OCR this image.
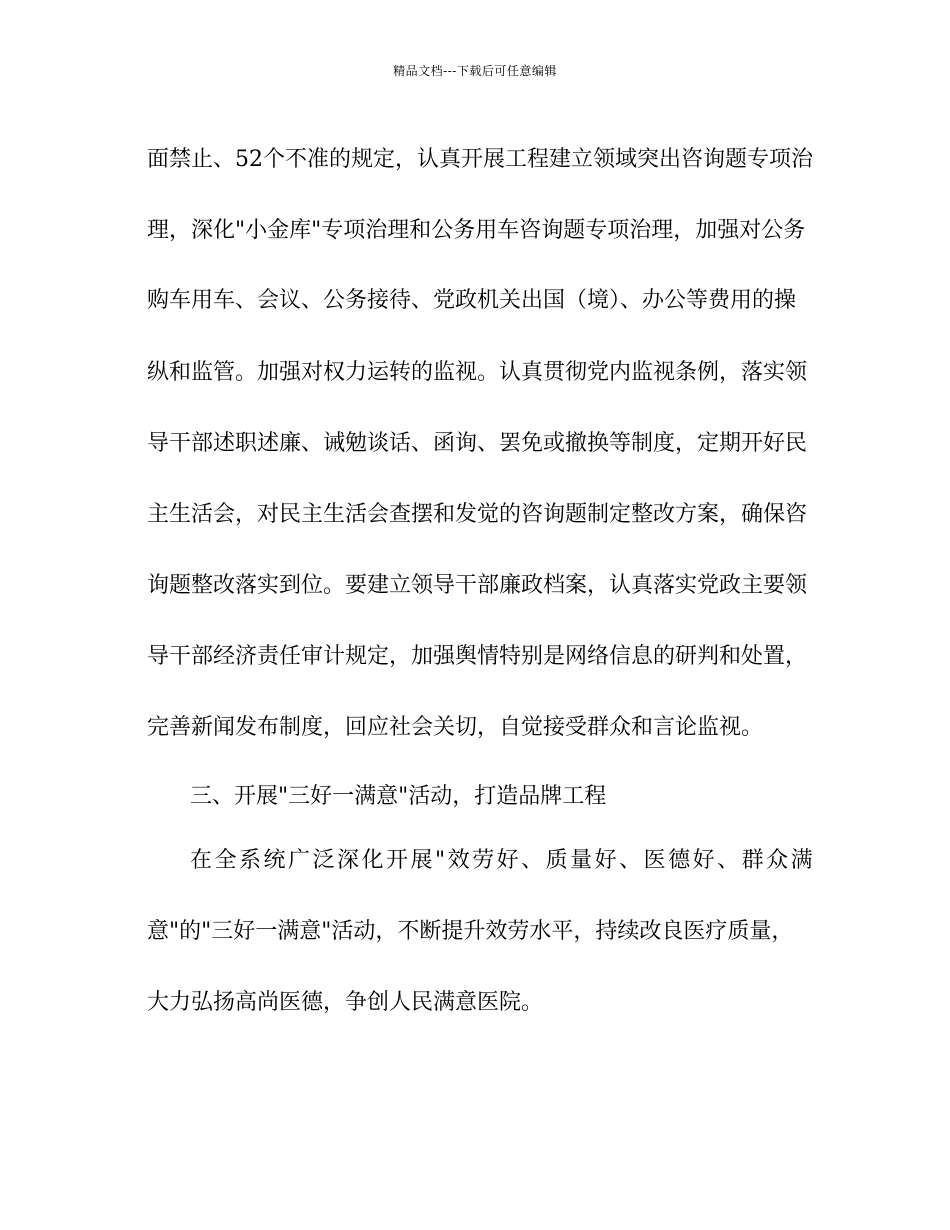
精品文档---下载后可任意编辑
面禁止、52个不准的规定，认真开展工程建立领域突出咨询题专项治
理，深化"小金库"专项治理和公务用车咨询题专项治理，加强对公务
购车用车、会议、公务接待、党政机关出国（境）、办公等费用的操
纵和监管。加强对权力运转的监视。认真贯彻党内监视条例，落实领
导干部述职述廉、诫勉谈话、函询、罢免或撤换等制度，定期开好民
主生活会，对民主生活会查摆和发觉的咨询题制定整改方案，确保咨
询题整改落实到位。要建立领导干部廉政档案，认真落实党政主要领
导干部经济责任审计规定，加强舆情特别是网络信息的研判和处置，
完善新闻发布制度，回应社会关切，自觉接受群众和言论监视。
三、开展"三好一满意"活动，打造品牌工程
在全系统广泛深化开展"效劳好、质量好、医德好、群众满
意"的"三好一满意"活动，不断提升效劳水平，持续改良医疗质量，
大力弘扬高尚医德，争创人民满意医院。
